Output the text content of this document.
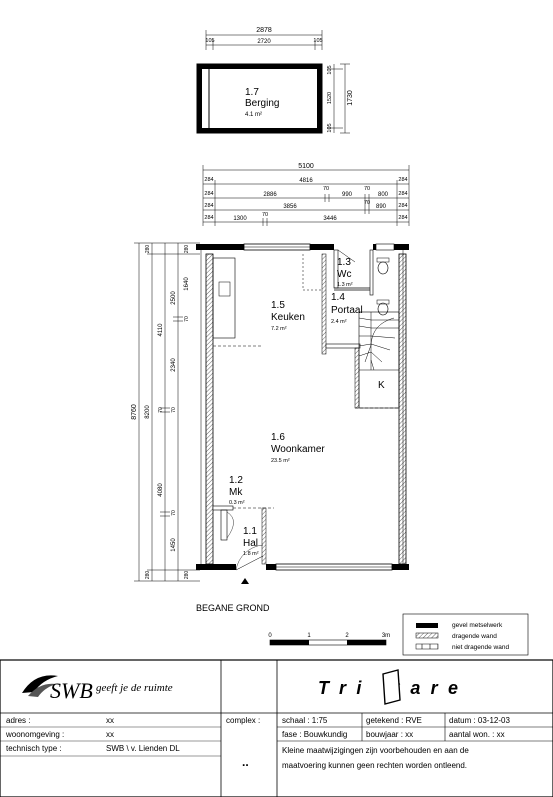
2878
105	2720	105
105
1520
105
1730
1.7
Berging
4.1 m²
5100
284	4816	284
284	2886
70
990
70
800 284
284	3856
70
890 284
284	1300
70
3446	284
8760
280
8200
280
4110
70
4080
2340
70
70
1450
280
1640
2500
70
280
1.3
Wc
1.3 m²
1.5
Keuken
7.2 m²
1.4
Portaal
2.4 m²
K
1.6
Woonkamer
23.5 m²
1.2
Mk
0.3 m²
1.1
Hal
1.8 m²
BEGANE GROND
0	1	2	3m
gevel metselwerk
dragende wand
niet dragende wand
SWB geeft je de ruimte	Tri are
adres :	xx
woonomgeving :	xx
technisch type :	SWB \ v. Lienden DL
complex :
..
schaal : 1:75	getekend : RVE	datum : 03-12-03
fase : Bouwkundig bouwjaar : xx	aantal won. : xx
Kleine maatwijzigingen zijn voorbehouden en aan de
maatvoering kunnen geen rechten worden ontleend.
